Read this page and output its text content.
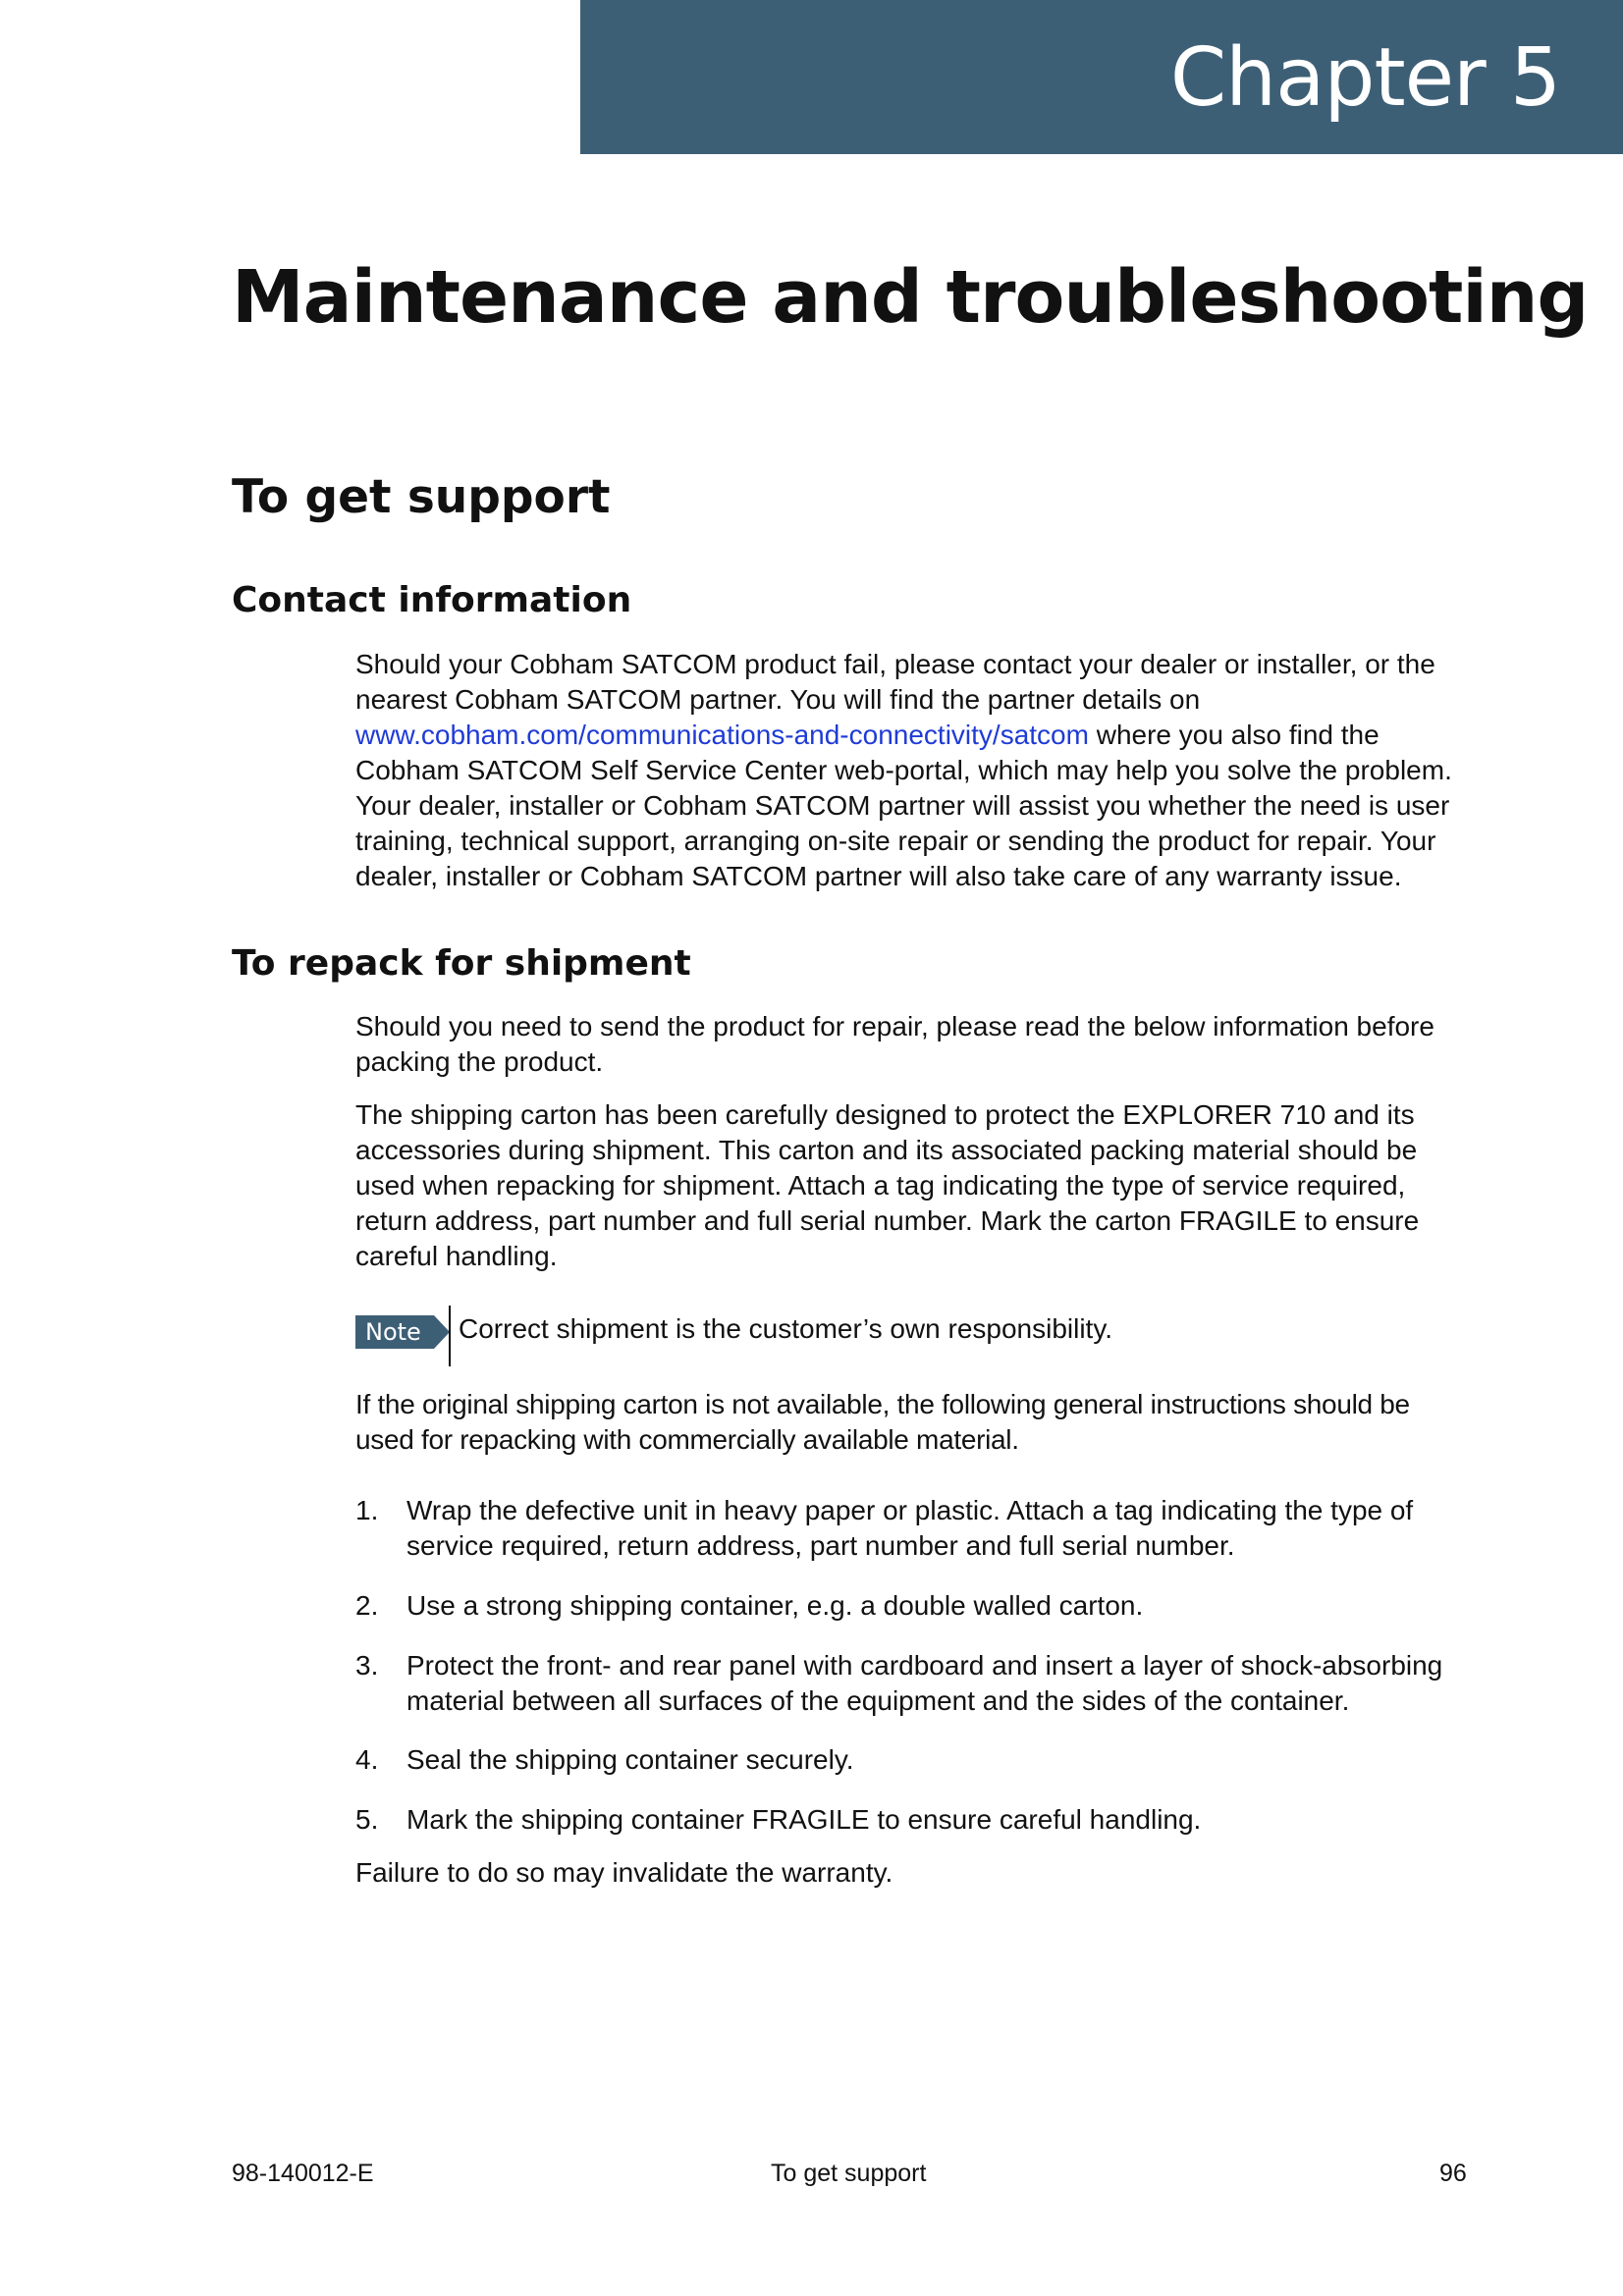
Chapter 5
Maintenance and troubleshooting
To get support
Contact information

Should your Cobham SATCOM product fail, please contact your dealer or installer, or the nearest Cobham SATCOM partner. You will find the partner details on www.cobham.com/communications-and-connectivity/satcom where you also find the Cobham SATCOM Self Service Center web-portal, which may help you solve the problem. Your dealer, installer or Cobham SATCOM partner will assist you whether the need is user training, technical support, arranging on-site repair or sending the product for repair. Your dealer, installer or Cobham SATCOM partner will also take care of any warranty issue.

To repack for shipment

Should you need to send the product for repair, please read the below information before packing the product.

The shipping carton has been carefully designed to protect the EXPLORER 710 and its accessories during shipment. This carton and its associated packing material should be used when repacking for shipment. Attach a tag indicating the type of service required, return address, part number and full serial number. Mark the carton FRAGILE to ensure careful handling.

Note	Correct shipment is the customer’s own responsibility.

If the original shipping carton is not available, the following general instructions should be used for repacking with commercially available material.

1.	Wrap the defective unit in heavy paper or plastic. Attach a tag indicating the type of service required, return address, part number and full serial number.
2.	Use a strong shipping container, e.g. a double walled carton.
3.	Protect the front- and rear panel with cardboard and insert a layer of shock-absorbing material between all surfaces of the equipment and the sides of the container.
4.	Seal the shipping container securely.
5.	Mark the shipping container FRAGILE to ensure careful handling.

Failure to do so may invalidate the warranty.

98-140012-E	To get support	96
